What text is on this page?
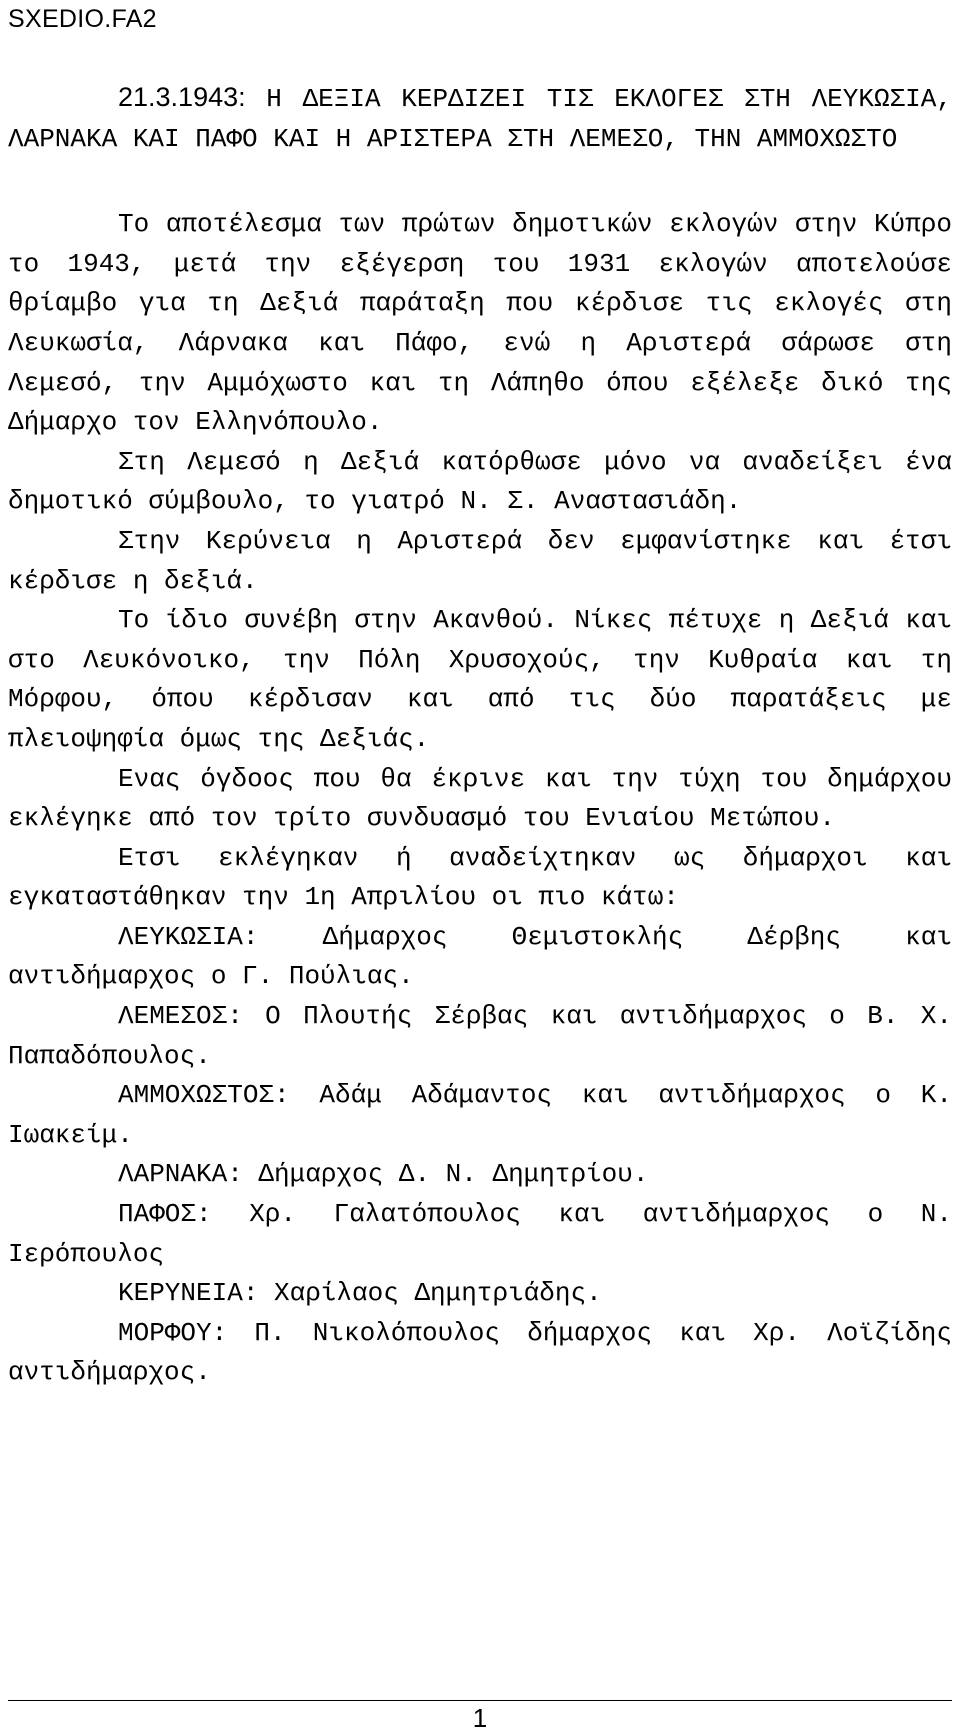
SXEDIO.FA2

21.3.1943: Η ΔΕΞΙΑ ΚΕΡΔΙΖΕΙ ΤΙΣ ΕΚΛΟΓΕΣ ΣΤΗ ΛΕΥΚΩΣΙΑ, ΛΑΡΝΑΚΑ ΚΑΙ ΠΑΦΟ ΚΑΙ Η ΑΡΙΣΤΕΡΑ ΣΤΗ ΛΕΜΕΣΟ, ΤΗΝ ΑΜΜΟΧΩΣΤΟ

Το αποτέλεσμα των πρώτων δημοτικών εκλογών στην Κύπρο το 1943, μετά την εξέγερση του 1931 εκλογών αποτελούσε θρίαμβο για τη Δεξιά παράταξη που κέρδισε τις εκλογές στη Λευκωσία, Λάρνακα και Πάφο, ενώ η Αριστερά σάρωσε στη Λεμεσό, την Αμμόχωστο και τη Λάπηθο όπου εξέλεξε δικό της Δήμαρχο τον Ελληνόπουλο.

Στη Λεμεσό η Δεξιά κατόρθωσε μόνο να αναδείξει ένα δημοτικό σύμβουλο, το γιατρό Ν. Σ. Αναστασιάδη.

Στην Κερύνεια η Αριστερά δεν εμφανίστηκε και έτσι κέρδισε η δεξιά.

Το ίδιο συνέβη στην Ακανθού. Νίκες πέτυχε η Δεξιά και στο Λευκόνοικο, την Πόλη Χρυσοχούς, την Κυθραία και τη Μόρφου, όπου κέρδισαν και από τις δύο παρατάξεις με πλειοψηφία όμως της Δεξιάς.

Ενας όγδοος που θα έκρινε και την τύχη του δημάρχου εκλέγηκε από τον τρίτο συνδυασμό του Ενιαίου Μετώπου.

Ετσι εκλέγηκαν ή αναδείχτηκαν ως δήμαρχοι και εγκαταστάθηκαν την 1η Απριλίου οι πιο κάτω:

ΛΕΥΚΩΣΙΑ: Δήμαρχος Θεμιστοκλής Δέρβης και αντιδήμαρχος ο Γ. Πούλιας.

ΛΕΜΕΣΟΣ: Ο Πλουτής Σέρβας και αντιδήμαρχος ο Β. Χ. Παπαδόπουλος.

ΑΜΜΟΧΩΣΤΟΣ: Αδάμ Αδάμαντος και αντιδήμαρχος ο Κ. Ιωακείμ.

ΛΑΡΝΑΚΑ: Δήμαρχος Δ. Ν. Δημητρίου.

ΠΑΦΟΣ: Χρ. Γαλατόπουλος και αντιδήμαρχος ο Ν. Ιερόπουλος

ΚΕΡΥΝΕΙΑ: Χαρίλαος Δημητριάδης.

ΜΟΡΦΟΥ: Π. Νικολόπουλος δήμαρχος και Χρ. Λοϊζίδης αντιδήμαρχος.

1
